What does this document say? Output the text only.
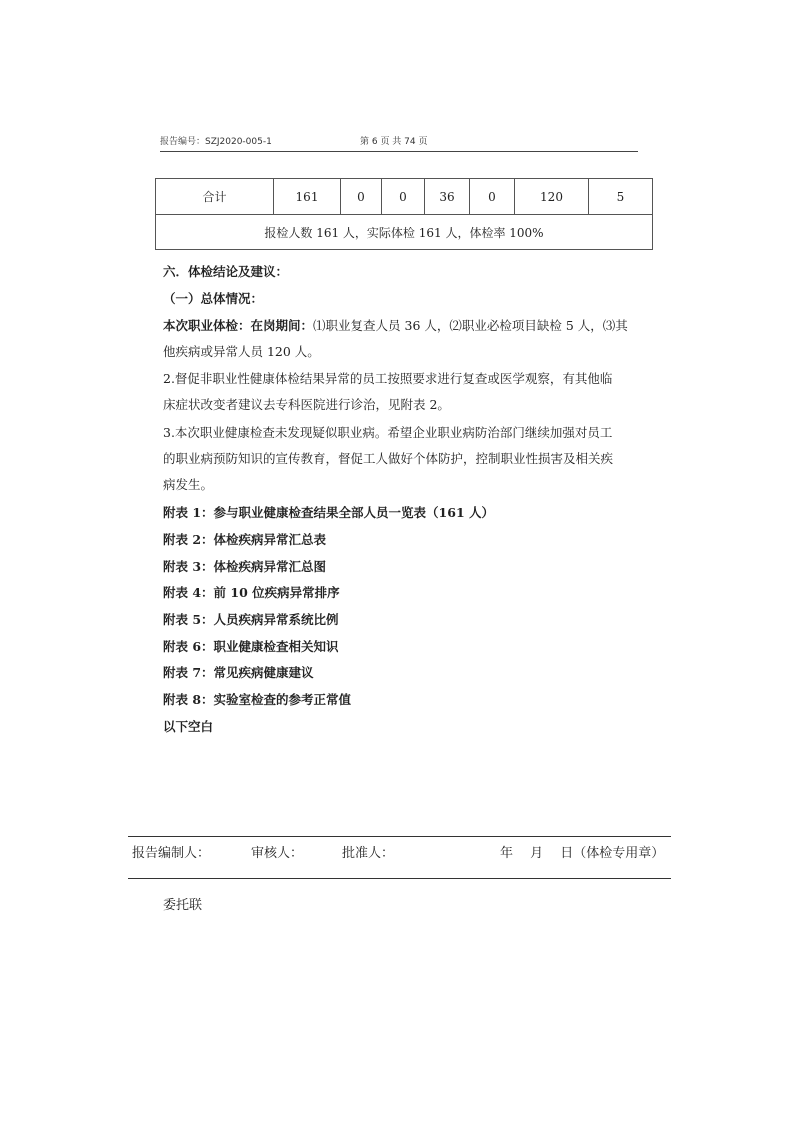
报告编号：SZJ2020-005-1	第 6 页 共 74 页
合计	161	0	0	36	0	120	5
报检人数 161 人，实际体检 161 人，体检率 100%
六．体检结论及建议：
（一）总体情况：
本次职业体检：在岗期间：⑴职业复查人员 36 人，⑵职业必检项目缺检 5 人，⑶其
他疾病或异常人员 120 人。
2.督促非职业性健康体检结果异常的员工按照要求进行复查或医学观察，有其他临
床症状改变者建议去专科医院进行诊治，见附表 2。
3.本次职业健康检查未发现疑似职业病。希望企业职业病防治部门继续加强对员工
的职业病预防知识的宣传教育，督促工人做好个体防护，控制职业性损害及相关疾
病发生。
附表 1：参与职业健康检查结果全部人员一览表（161 人）
附表 2：体检疾病异常汇总表
附表 3：体检疾病异常汇总图
附表 4：前 10 位疾病异常排序
附表 5：人员疾病异常系统比例
附表 6：职业健康检查相关知识
附表 7：常见疾病健康建议
附表 8：实验室检查的参考正常值
以下空白
报告编制人：	审核人：	批准人：	年　 月　 日（体检专用章）
委托联
